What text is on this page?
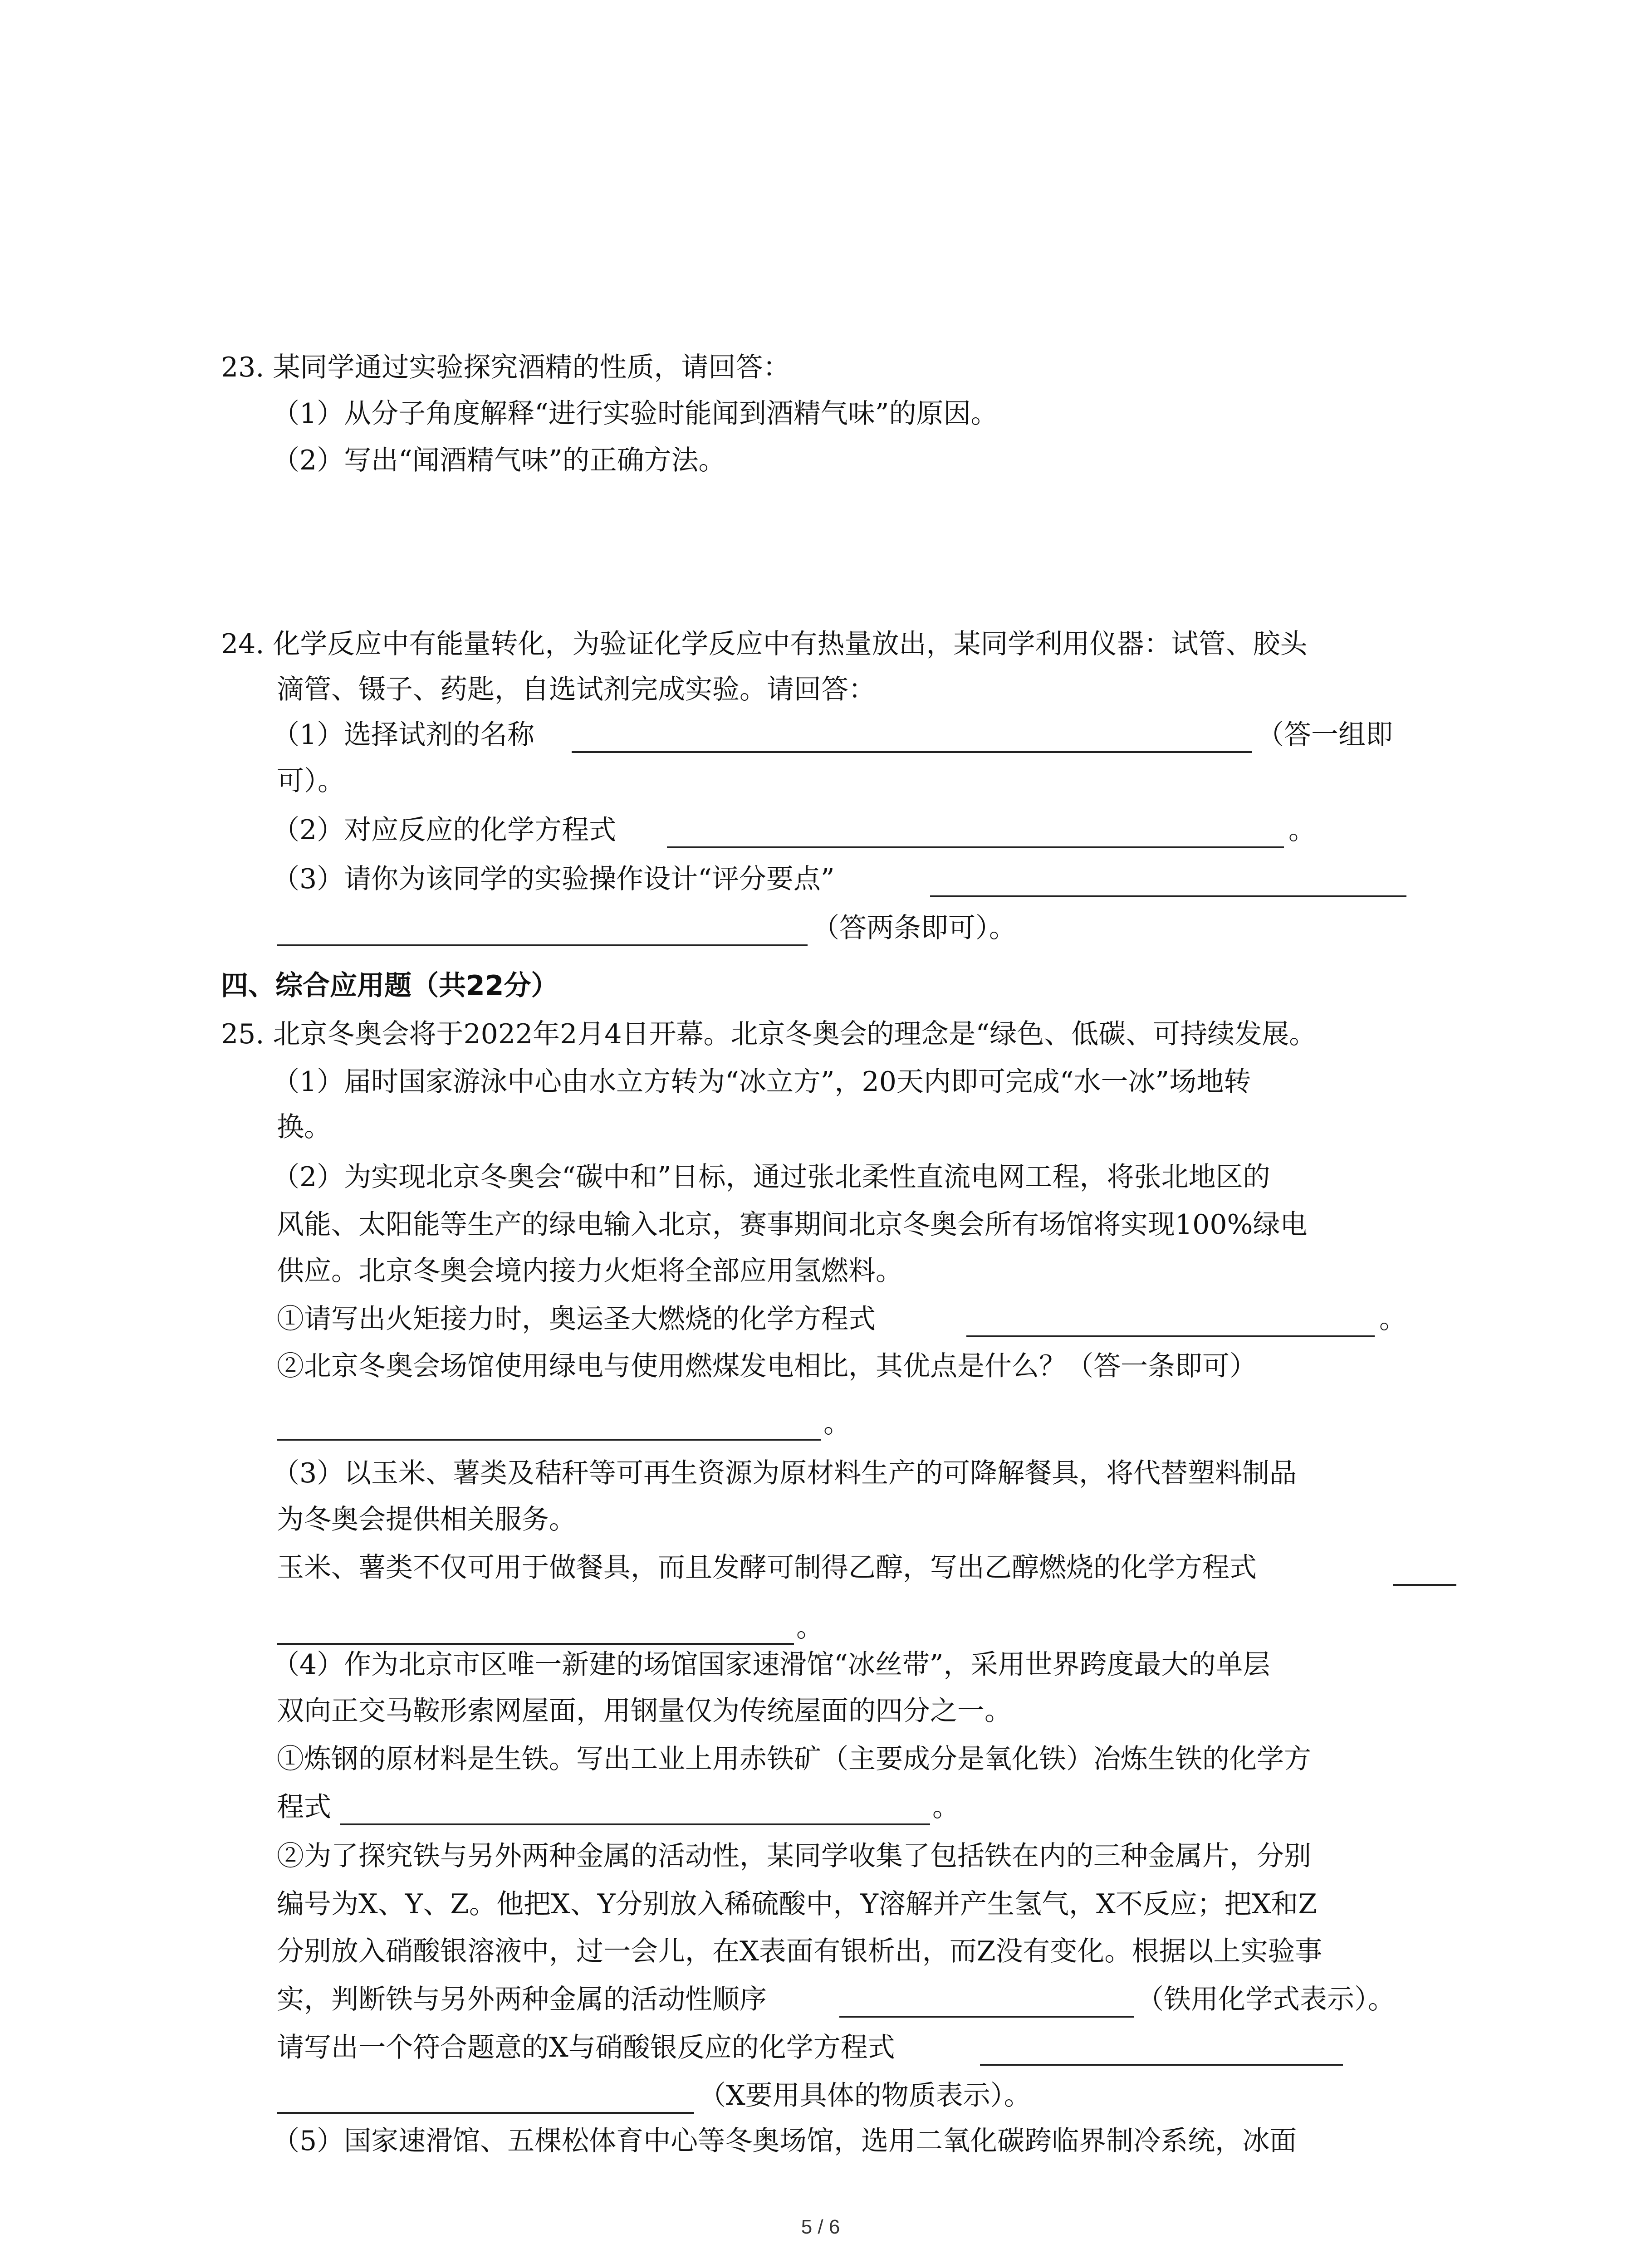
23. 某同学通过实验探究酒精的性质，请回答：
（1）从分子角度解释“进行实验时能闻到酒精气味”的原因。
（2）写出“闻酒精气味”的正确方法。
24. 化学反应中有能量转化，为验证化学反应中有热量放出，某同学利用仪器：试管、胶头
滴管、镊子、药匙，自选试剂完成实验。请回答：
（1）选择试剂的名称	（答一组即
可）。
（2）对应反应的化学方程式	。
（3）请你为该同学的实验操作设计“评分要点”
（答两条即可）。
四、综合应用题（共22分）
25. 北京冬奥会将于2022年2月4日开幕。北京冬奥会的理念是“绿色、低碳、可持续发展。
（1）届时国家游泳中心由水立方转为“冰立方”，20天内即可完成“水一冰”场地转
换。
（2）为实现北京冬奥会“碳中和”日标，通过张北柔性直流电网工程，将张北地区的
风能、太阳能等生产的绿电输入北京，赛事期间北京冬奥会所有场馆将实现100%绿电
供应。北京冬奥会境内接力火炬将全部应用氢燃料。
①请写出火矩接力时，奥运圣大燃烧的化学方程式	。
②北京冬奥会场馆使用绿电与使用燃煤发电相比，其优点是什么？（答一条即可）
。
（3）以玉米、薯类及秸秆等可再生资源为原材料生产的可降解餐具，将代替塑料制品
为冬奥会提供相关服务。
玉米、薯类不仅可用于做餐具，而且发酵可制得乙醇，写出乙醇燃烧的化学方程式
。
（4）作为北京市区唯一新建的场馆国家速滑馆“冰丝带”，采用世界跨度最大的单层
双向正交马鞍形索网屋面，用钢量仅为传统屋面的四分之一。
①炼钢的原材料是生铁。写出工业上用赤铁矿（主要成分是氧化铁）冶炼生铁的化学方
程式	。
②为了探究铁与另外两种金属的活动性，某同学收集了包括铁在内的三种金属片，分别
编号为X、Y、Z。他把X、Y分别放入稀硫酸中，Y溶解并产生氢气，X不反应；把X和Z
分别放入硝酸银溶液中，过一会儿，在X表面有银析出，而Z没有变化。根据以上实验事
实，判断铁与另外两种金属的活动性顺序	（铁用化学式表示）。
请写出一个符合题意的X与硝酸银反应的化学方程式
（X要用具体的物质表示）。
（5）国家速滑馆、五棵松体育中心等冬奥场馆，选用二氧化碳跨临界制冷系统，冰面
5 / 6
